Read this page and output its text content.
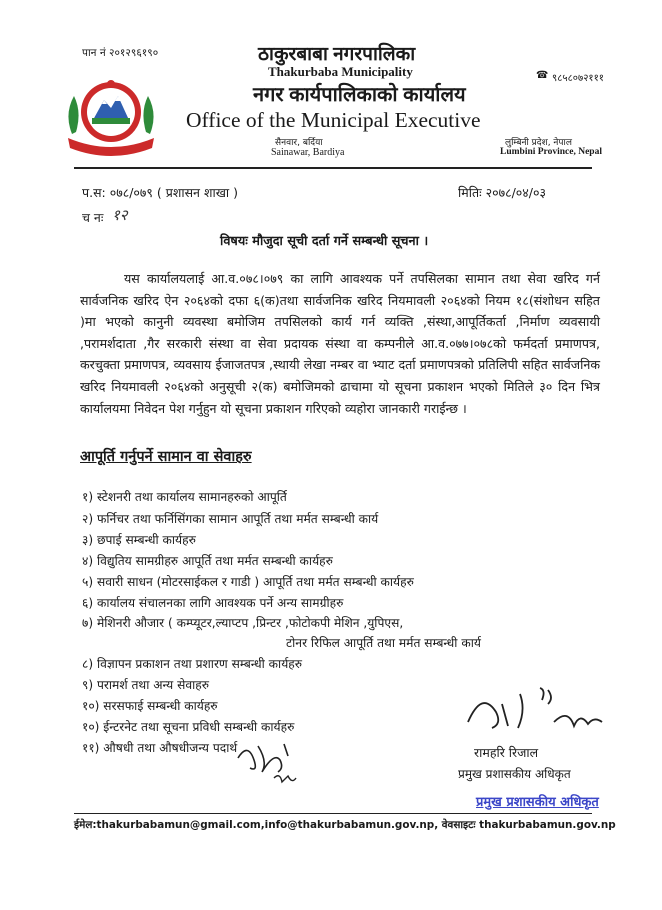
पान नं २०१२९६१९०	ठाकुरबाबा नगरपालिका
Thakurbaba Municipality	☎ ९८५८०७२१११
नगर कार्यपालिकाको कार्यालय
Office of the Municipal Executive
सैनवार, बर्दिया
Sainawar, Bardiya
लुम्बिनी प्रदेश, नेपाल
Lumbini Province, Nepal
प.स: ०७८/०७९ ( प्रशासन शाखा )	मितिः २०७८/०४/०३
च नः १२
विषयः मौजुदा सूची दर्ता गर्ने सम्बन्धी सूचना ।
यस कार्यालयलाई आ.व.०७८।०७९ का लागि आवश्यक पर्ने तपसिलका सामान तथा सेवा खरिद गर्न सार्वजनिक खरिद ऐन २०६४को दफा ६(क)तथा सार्वजनिक खरिद नियमावली २०६४को नियम १८(संशोधन सहित )मा भएको कानुनी व्यवस्था बमोजिम तपसिलको कार्य गर्न व्यक्ति ,संस्था,आपूर्तिकर्ता ,निर्माण व्यवसायी ,परामर्शदाता ,गैर सरकारी संस्था वा सेवा प्रदायक संस्था वा कम्पनीले आ.व.०७७।०७८को फर्मदर्ता प्रमाणपत्र, करचुक्ता प्रमाणपत्र, व्यवसाय ईजाजतपत्र ,स्थायी लेखा नम्बर वा भ्याट दर्ता प्रमाणपत्रको प्रतिलिपी सहित सार्वजनिक खरिद नियमावली २०६४को अनुसूची २(क) बमोजिमको ढाचामा यो सूचना प्रकाशन भएको मितिले ३० दिन भित्र कार्यालयमा निवेदन पेश गर्नुहुन यो सूचना प्रकाशन गरिएको व्यहोरा जानकारी गराईन्छ ।
आपूर्ति गर्नुपर्ने सामान वा सेवाहरु
१) स्टेशनरी तथा कार्यालय सामानहरुको आपूर्ति
२) फर्निचर तथा फर्निसिंगका सामान आपूर्ति तथा मर्मत सम्बन्धी कार्य
३) छपाई सम्बन्धी कार्यहरु
४) विद्युतिय सामग्रीहरु आपूर्ति तथा मर्मत सम्बन्धी कार्यहरु
५) सवारी साधन (मोटरसाईकल र गाडी ) आपूर्ति तथा मर्मत सम्बन्धी कार्यहरु
६) कार्यालय संचालनका लागि आवश्यक पर्ने अन्य सामग्रीहरु
७) मेशिनरी औजार ( कम्प्यूटर,ल्याप्टप ,प्रिन्टर ,फोटोकपी मेशिन ,युपिएस,
टोनर रिफिल आपूर्ति तथा मर्मत सम्बन्धी कार्य
८) विज्ञापन प्रकाशन तथा प्रशारण सम्बन्धी कार्यहरु
९) परामर्श तथा अन्य सेवाहरु
१०) सरसफाई सम्बन्धी कार्यहरु
१०) ईन्टरनेट तथा सूचना प्रविधी सम्बन्धी कार्यहरु
११) औषधी तथा औषधीजन्य पदार्थ	रामहरि रिजाल
प्रमुख प्रशासकीय अधिकृत
प्रमुख प्रशासकीय अधिकृत
ईमेल:thakurbabamun@gmail.com,info@thakurbabamun.gov.np, वेवसाइटः thakurbabamun.gov.np
